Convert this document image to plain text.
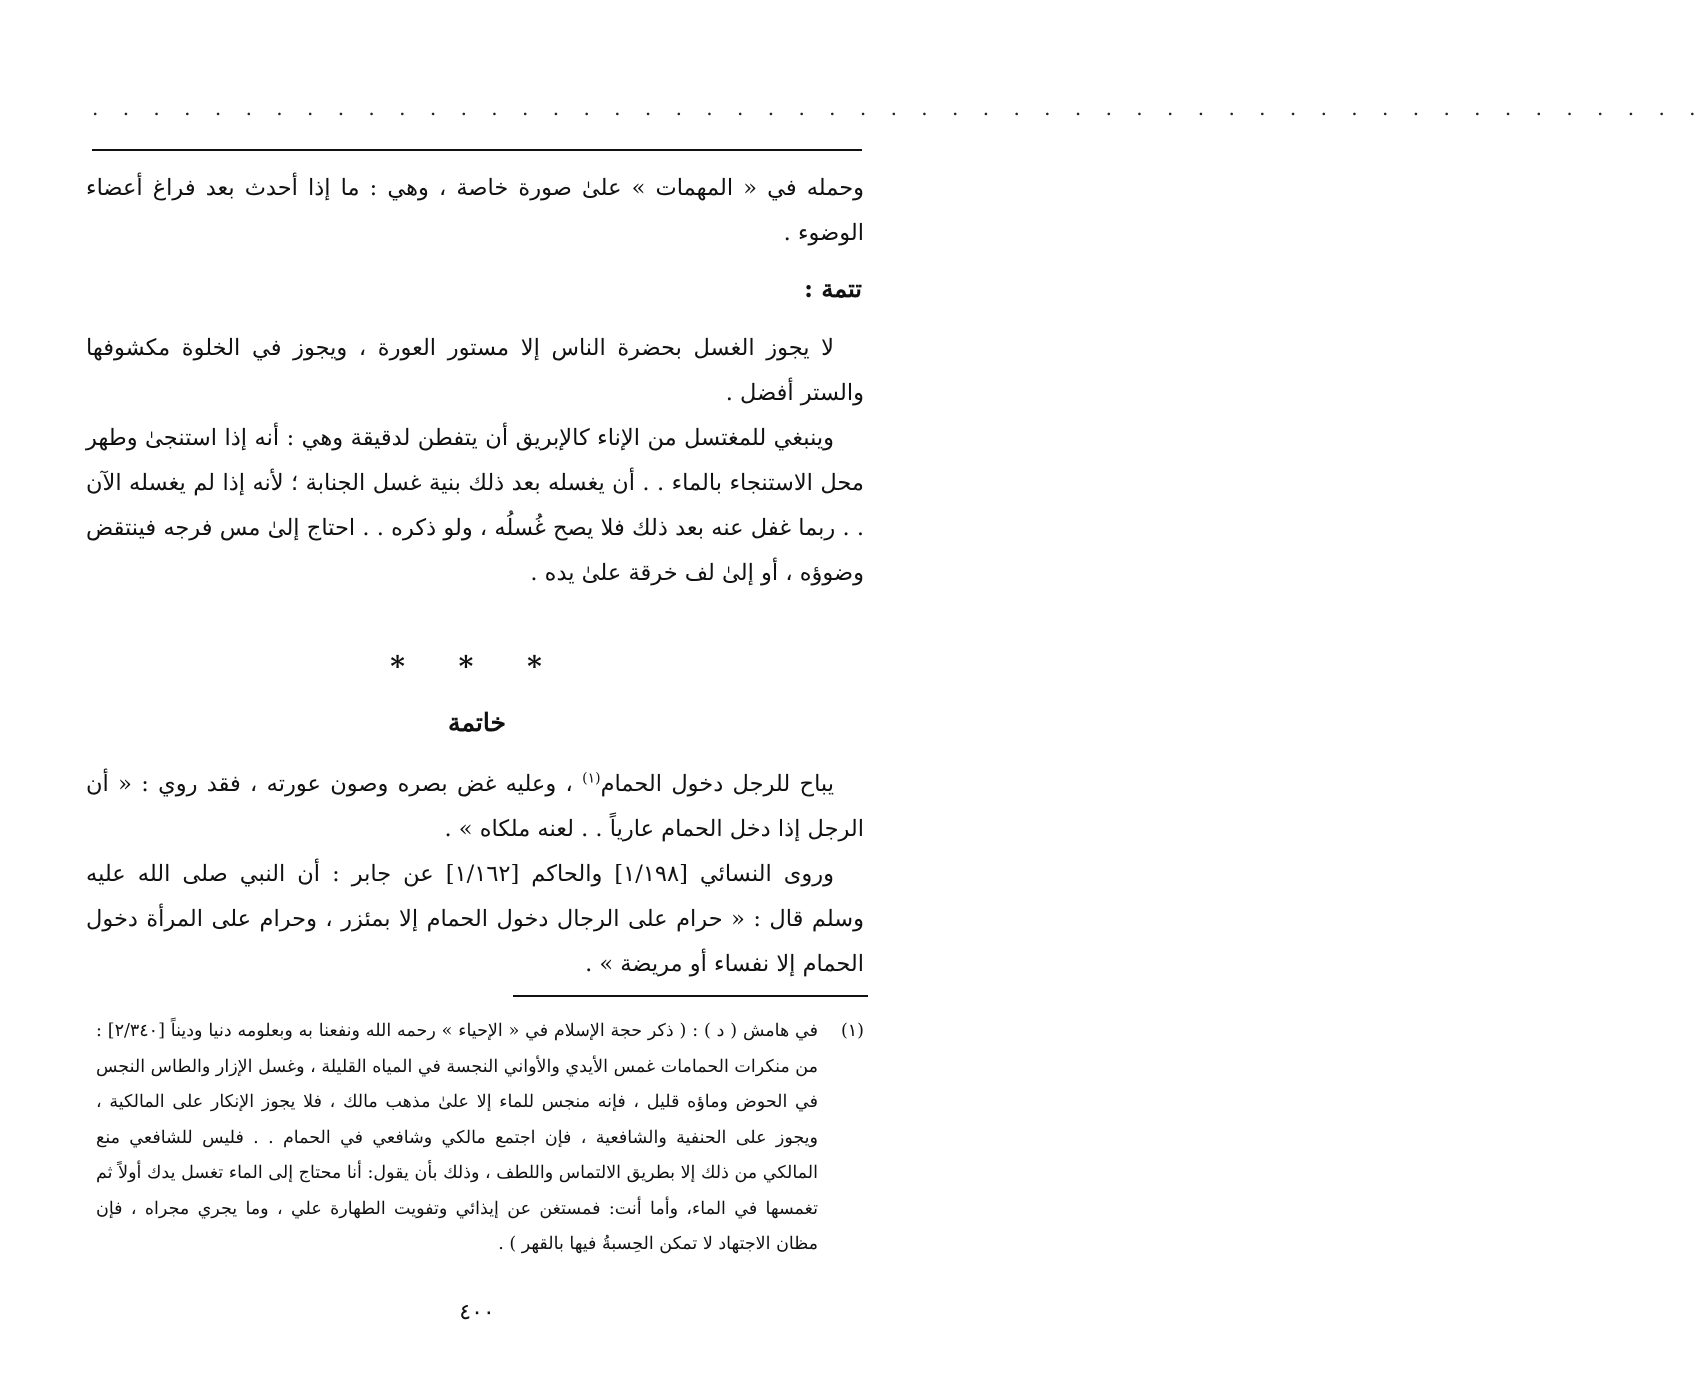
. . . . . . . . . . . . . . . . . . . . . . . . . . . . . . . . . . . . . . . . . . . . . . . . . . . . .

وحمله في « المهمات » علىٰ صورة خاصة ، وهي : ما إذا أحدث بعد فراغ أعضاء الوضوء .

تتمة :

لا يجوز الغسل بحضرة الناس إلا مستور العورة ، ويجوز في الخلوة مكشوفها والستر أفضل .

وينبغي للمغتسل من الإناء كالإبريق أن يتفطن لدقيقة وهي : أنه إذا استنجىٰ وطهر محل الاستنجاء بالماء . . أن يغسله بعد ذلك بنية غسل الجنابة ؛ لأنه إذا لم يغسله الآن . . ربما غفل عنه بعد ذلك فلا يصح غُسلُه ، ولو ذكره . . احتاج إلىٰ مس فرجه فينتقض وضوؤه ، أو إلىٰ لف خرقة علىٰ يده .

* * *
خاتمة

يباح للرجل دخول الحمام$^{(١)}$ ، وعليه غض بصره وصون عورته ، فقد روي : « أن الرجل إذا دخل الحمام عارياً . . لعنه ملكاه » .

وروى النسائي [١/١٩٨] والحاكم [١/١٦٢] عن جابر : أن النبي صلى الله عليه وسلم قال : « حرام على الرجال دخول الحمام إلا بمئزر ، وحرام على المرأة دخول الحمام إلا نفساء أو مريضة » .

(١)
في هامش ( د ) : ( ذكر حجة الإسلام في « الإحياء » رحمه الله ونفعنا به وبعلومه دنيا وديناً [٢/٣٤٠] : من منكرات الحمامات غمس الأيدي والأواني النجسة في المياه القليلة ، وغسل الإزار والطاس النجس في الحوض وماؤه قليل ، فإنه منجس للماء إلا علىٰ مذهب مالك ، فلا يجوز الإنكار على المالكية ، ويجوز على الحنفية والشافعية ، فإن اجتمع مالكي وشافعي في الحمام . . فليس للشافعي منع المالكي من ذلك إلا بطريق الالتماس واللطف ، وذلك بأن يقول: أنا محتاج إلى الماء تغسل يدك أولاً ثم تغمسها في الماء، وأما أنت: فمستغن عن إيذائي وتفويت الطهارة علي ، وما يجري مجراه ، فإن مظان الاجتهاد لا تمكن الحِسبةُ فيها بالقهر ) .
٤٠٠
